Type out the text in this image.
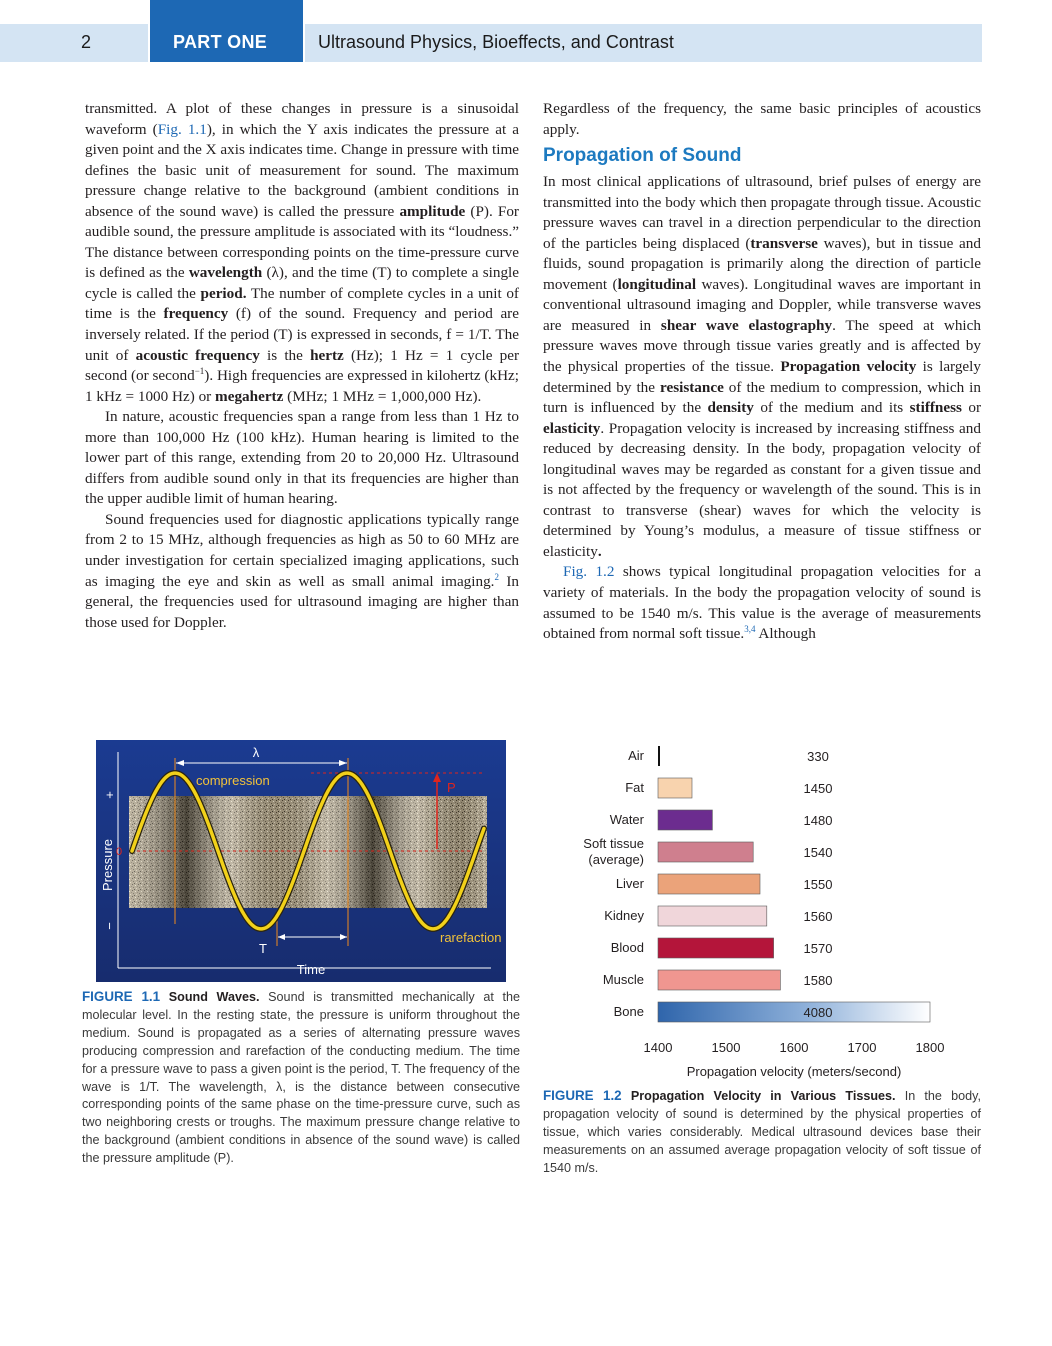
2	PART ONE	Ultrasound Physics, Bioeffects, and Contrast

transmitted. A plot of these changes in pressure is a sinusoidal waveform (Fig. 1.1), in which the Y axis indicates the pressure at a given point and the X axis indicates time. Change in pressure with time defines the basic unit of measurement for sound. The maximum pressure change relative to the background (ambient conditions in absence of the sound wave) is called the pressure amplitude (P). For audible sound, the pressure amplitude is associated with its “loudness.” The distance between corresponding points on the time-pressure curve is defined as the wavelength (λ), and the time (T) to complete a single cycle is called the period. The number of complete cycles in a unit of time is the frequency (f) of the sound. Frequency and period are inversely related. If the period (T) is expressed in seconds, f = 1/T. The unit of acoustic frequency is the hertz (Hz); 1 Hz = 1 cycle per second (or second$^{-1}$). High frequencies are expressed in kilohertz (kHz; 1 kHz = 1000 Hz) or megahertz (MHz; 1 MHz = 1,000,000 Hz).

In nature, acoustic frequencies span a range from less than 1 Hz to more than 100,000 Hz (100 kHz). Human hearing is limited to the lower part of this range, extending from 20 to 20,000 Hz. Ultrasound differs from audible sound only in that its frequencies are higher than the upper audible limit of human hearing.

Sound frequencies used for diagnostic applications typically range from 2 to 15 MHz, although frequencies as high as 50 to 60 MHz are under investigation for certain specialized imaging applications, such as imaging the eye and skin as well as small animal imaging.$^2$ In general, the frequencies used for ultrasound imaging are higher than those used for Doppler.

Regardless of the frequency, the same basic principles of acoustics apply.

Propagation of Sound

In most clinical applications of ultrasound, brief pulses of energy are transmitted into the body which then propagate through tissue. Acoustic pressure waves can travel in a direction perpendicular to the direction of the particles being displaced (transverse waves), but in tissue and fluids, sound propagation is primarily along the direction of particle movement (longitudinal waves). Longitudinal waves are important in conventional ultrasound imaging and Doppler, while transverse waves are measured in shear wave elastography. The speed at which pressure waves move through tissue varies greatly and is affected by the physical properties of the tissue. Propagation velocity is largely determined by the resistance of the medium to compression, which in turn is influenced by the density of the medium and its stiffness or elasticity. Propagation velocity is increased by increasing stiffness and reduced by decreasing density. In the body, propagation velocity of longitudinal waves may be regarded as constant for a given tissue and is not affected by the frequency or wavelength of the sound. This is in contrast to transverse (shear) waves for which the velocity is determined by Young’s modulus, a measure of tissue stiffness or elasticity.

Fig. 1.2 shows typical longitudinal propagation velocities for a variety of materials. In the body the propagation velocity of sound is assumed to be 1540 m/s. This value is the average of measurements obtained from normal soft tissue.$^{3,4}$ Although

λ
compression	P
0
+
−
Pressure
T
rarefaction
Time
FIGURE 1.1 Sound Waves. Sound is transmitted mechanically at the molecular level. In the resting state, the pressure is uniform throughout the medium. Sound is propagated as a series of alternating pressure waves producing compression and rarefaction of the conducting medium. The time for a pressure wave to pass a given point is the period, T. The frequency of the wave is 1/T. The wavelength, λ, is the distance between consecutive corresponding points of the same phase on the time-pressure curve, such as two neighboring crests or troughs. The maximum pressure change relative to the background (ambient conditions in absence of the sound wave) is called the pressure amplitude (P).
Air	330
Fat	1450
Water	1480
Soft tissue (average)	1540
Liver	1550
Kidney	1560
Blood	1570
Muscle	1580
Bone	4080
1400	1500	1600	1700	1800
Propagation velocity (meters/second)
FIGURE 1.2 Propagation Velocity in Various Tissues. In the body, propagation velocity of sound is determined by the physical properties of tissue, which varies considerably. Medical ultrasound devices base their measurements on an assumed average propagation velocity of soft tissue of 1540 m/s.
